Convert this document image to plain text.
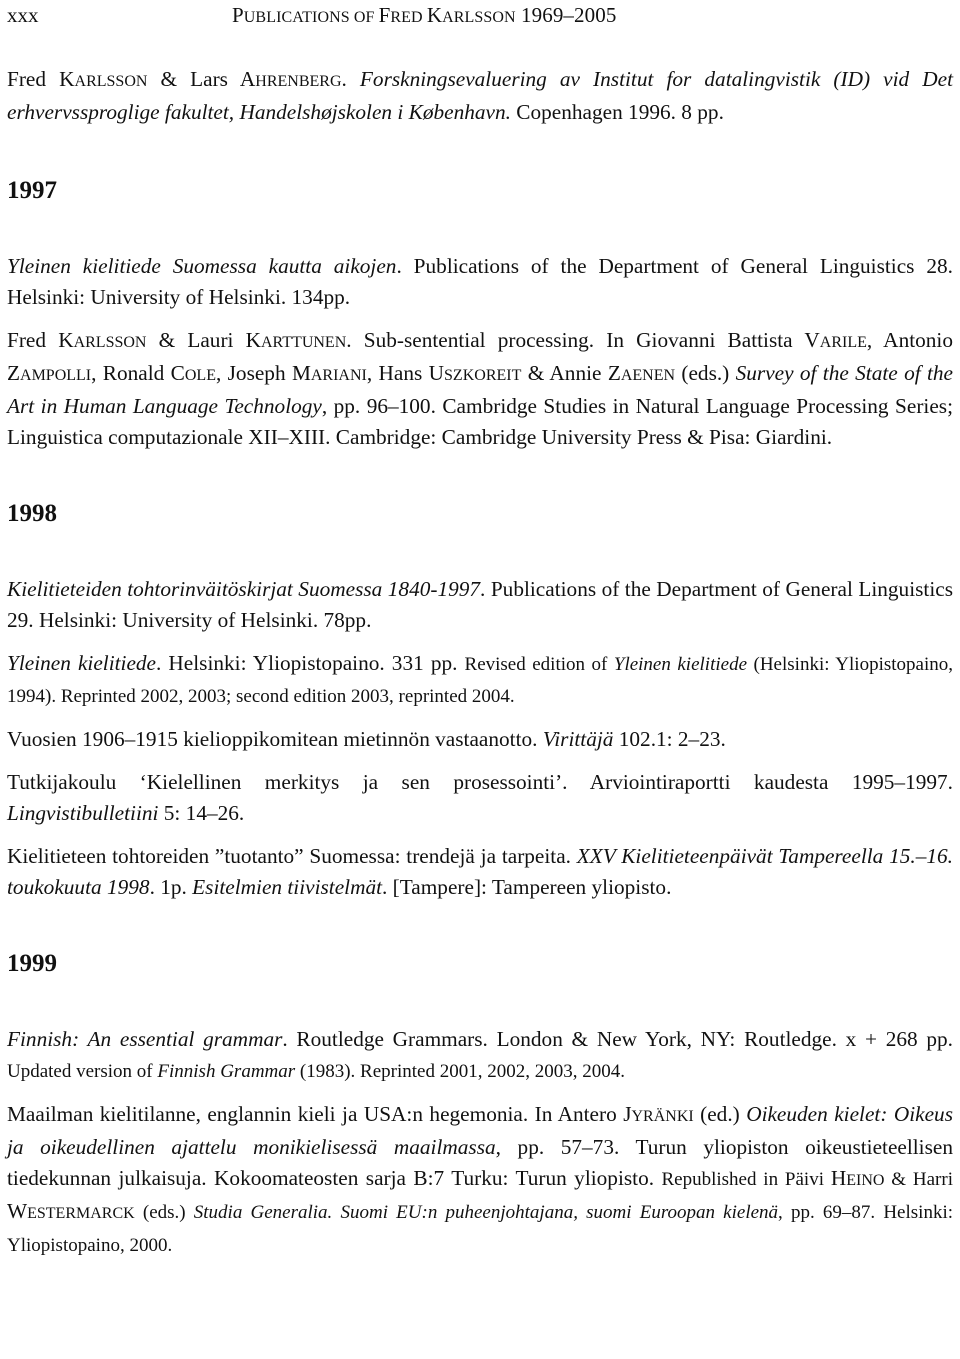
xxx	PUBLICATIONS OF FRED KARLSSON 1969–2005

Fred KARLSSON & Lars AHRENBERG. Forskningsevaluering av Institut for datalingvistik (ID) vid Det erhvervssproglige fakultet, Handelshøjskolen i København. Copenhagen 1996. 8 pp.

1997

Yleinen kielitiede Suomessa kautta aikojen. Publications of the Department of General Linguistics 28. Helsinki: University of Helsinki. 134pp.

Fred KARLSSON & Lauri KARTTUNEN. Sub-sentential processing. In Giovanni Battista VARILE, Antonio ZAMPOLLI, Ronald COLE, Joseph MARIANI, Hans USZKOREIT & Annie ZAENEN (eds.) Survey of the State of the Art in Human Language Technology, pp. 96–100. Cambridge Studies in Natural Language Processing Series; Linguistica computazionale XII–XIII. Cambridge: Cambridge University Press & Pisa: Giardini.

1998

Kielitieteiden tohtorinväitöskirjat Suomessa 1840-1997. Publications of the Department of General Linguistics 29. Helsinki: University of Helsinki. 78pp.

Yleinen kielitiede. Helsinki: Yliopistopaino. 331 pp. Revised edition of Yleinen kielitiede (Helsinki: Yliopistopaino, 1994). Reprinted 2002, 2003; second edition 2003, reprinted 2004.

Vuosien 1906–1915 kielioppikomitean mietinnön vastaanotto. Virittäjä 102.1: 2–23.

Tutkijakoulu ‘Kielellinen merkitys ja sen prosessointi’. Arviointiraportti kaudesta 1995–1997. Lingvistibulletiini 5: 14–26.

Kielitieteen tohtoreiden ”tuotanto” Suomessa: trendejä ja tarpeita. XXV Kielitieteenpäivät Tampereella 15.–16. toukokuuta 1998. 1p. Esitelmien tiivistelmät. [Tampere]: Tampereen yliopisto.

1999

Finnish: An essential grammar. Routledge Grammars. London & New York, NY: Routledge. x + 268 pp. Updated version of Finnish Grammar (1983). Reprinted 2001, 2002, 2003, 2004.

Maailman kielitilanne, englannin kieli ja USA:n hegemonia. In Antero JYRÄNKI (ed.) Oikeuden kielet: Oikeus ja oikeudellinen ajattelu monikielisessä maailmassa, pp. 57–73. Turun yliopiston oikeustieteellisen tiedekunnan julkaisuja. Kokoomateosten sarja B:7 Turku: Turun yliopisto. Republished in Päivi HEINO & Harri WESTERMARCK (eds.) Studia Generalia. Suomi EU:n puheenjohtajana, suomi Euroopan kielenä, pp. 69–87. Helsinki: Yliopistopaino, 2000.
